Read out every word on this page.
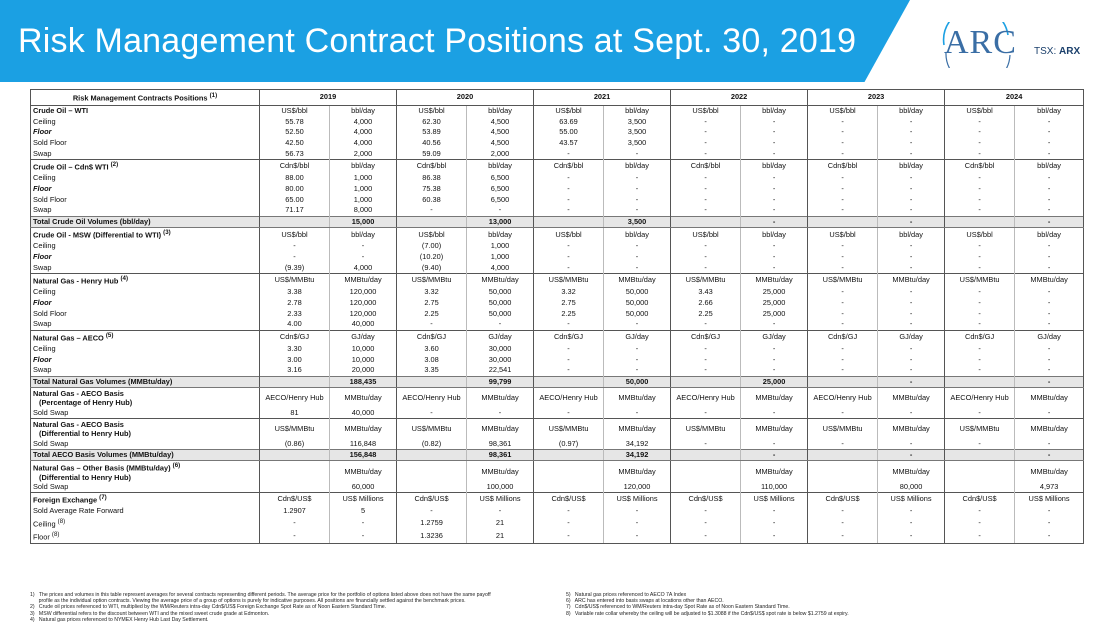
Risk Management Contract Positions at Sept. 30, 2019	ARC TSX: ARX
Risk Management Contracts Positions $^{(1)}$	2019		2020		2021		2022		2023		2024	
Crude Oil – WTI	US$/bbl	bbl/day	US$/bbl	bbl/day	US$/bbl	bbl/day	US$/bbl	bbl/day	US$/bbl	bbl/day	US$/bbl	bbl/day
Ceiling	55.78	4,000	62.30	4,500	63.69	3,500	-	-	-	-	-	-
Floor	52.50	4,000	53.89	4,500	55.00	3,500	-	-	-	-	-	-
Sold Floor	42.50	4,000	40.56	4,500	43.57	3,500	-	-	-	-	-	-
Swap	56.73	2,000	59.09	2,000	-	-	-	-	-	-	-	-
Crude Oil – Cdn$ WTI $^{(2)}$	Cdn$/bbl	bbl/day	Cdn$/bbl	bbl/day	Cdn$/bbl	bbl/day	Cdn$/bbl	bbl/day	Cdn$/bbl	bbl/day	Cdn$/bbl	bbl/day
Ceiling	88.00	1,000	86.38	6,500	-	-	-	-	-	-	-	-
Floor	80.00	1,000	75.38	6,500	-	-	-	-	-	-	-	-
Sold Floor	65.00	1,000	60.38	6,500	-	-	-	-	-	-	-	-
Swap	71.17	8,000	-	-	-	-	-	-	-	-	-	-
Total Crude Oil Volumes (bbl/day)		15,000		13,000		3,500		-		-		-
Crude Oil - MSW (Differential to WTI) $^{(3)}$	US$/bbl	bbl/day	US$/bbl	bbl/day	US$/bbl	bbl/day	US$/bbl	bbl/day	US$/bbl	bbl/day	US$/bbl	bbl/day
Ceiling	-	-	(7.00)	1,000	-	-	-	-	-	-	-	-
Floor	-	-	(10.20)	1,000	-	-	-	-	-	-	-	-
Swap	(9.39)	4,000	(9.40)	4,000	-	-	-	-	-	-	-	-
Natural Gas - Henry Hub $^{(4)}$	US$/MMBtu	MMBtu/day	US$/MMBtu	MMBtu/day	US$/MMBtu	MMBtu/day	US$/MMBtu	MMBtu/day	US$/MMBtu	MMBtu/day	US$/MMBtu	MMBtu/day
Ceiling	3.38	120,000	3.32	50,000	3.32	50,000	3.43	25,000	-	-	-	-
Floor	2.78	120,000	2.75	50,000	2.75	50,000	2.66	25,000	-	-	-	-
Sold Floor	2.33	120,000	2.25	50,000	2.25	50,000	2.25	25,000	-	-	-	-
Swap	4.00	40,000	-	-	-	-	-	-	-	-	-	-
Natural Gas – AECO $^{(5)}$	Cdn$/GJ	GJ/day	Cdn$/GJ	GJ/day	Cdn$/GJ	GJ/day	Cdn$/GJ	GJ/day	Cdn$/GJ	GJ/day	Cdn$/GJ	GJ/day
Ceiling	3.30	10,000	3.60	30,000	-	-	-	-	-	-	-	-
Floor	3.00	10,000	3.08	30,000	-	-	-	-	-	-	-	-
Swap	3.16	20,000	3.35	22,541	-	-	-	-	-	-	-	-
Total Natural Gas Volumes (MMBtu/day)		188,435		99,799		50,000		25,000		-		-
Natural Gas - AECO Basis
(Percentage of Henry Hub)	AECO/Henry Hub	MMBtu/day	AECO/Henry Hub	MMBtu/day	AECO/Henry Hub	MMBtu/day	AECO/Henry Hub	MMBtu/day	AECO/Henry Hub	MMBtu/day	AECO/Henry Hub	MMBtu/day
Sold Swap	81	40,000	-	-	-	-	-	-	-	-	-	-
Natural Gas - AECO Basis
(Differential to Henry Hub)	US$/MMBtu	MMBtu/day	US$/MMBtu	MMBtu/day	US$/MMBtu	MMBtu/day	US$/MMBtu	MMBtu/day	US$/MMBtu	MMBtu/day	US$/MMBtu	MMBtu/day
Sold Swap	(0.86)	116,848	(0.82)	98,361	(0.97)	34,192	-	-	-	-	-	-
Total AECO Basis Volumes (MMBtu/day)		156,848		98,361		34,192		-		-		-
Natural Gas – Other Basis (MMBtu/day) $^{(6)}$
(Differential to Henry Hub)		MMBtu/day		MMBtu/day		MMBtu/day		MMBtu/day		MMBtu/day		MMBtu/day
Sold Swap		60,000		100,000		120,000		110,000		80,000		4,973
Foreign Exchange $^{(7)}$	Cdn$/US$	US$ Millions	Cdn$/US$	US$ Millions	Cdn$/US$	US$ Millions	Cdn$/US$	US$ Millions	Cdn$/US$	US$ Millions	Cdn$/US$	US$ Millions
Sold Average Rate Forward	1.2907	5	-	-	-	-	-	-	-	-	-	-
Ceiling $^{(8)}$	-	-	1.2759	21	-	-	-	-	-	-	-	-
Floor $^{(8)}$	-	-	1.3236	21	-	-	-	-	-	-	-	-
1)   The prices and volumes in this table represent averages for several contracts representing different periods. The average price for the portfolio of options listed above does not have the same payoff
profile as the individual option contracts. Viewing the average price of a group of options is purely for indicative purposes. All positions are financially settled against the benchmark prices.
2)   Crude oil prices referenced to WTI, multiplied by the WM/Reuters intra-day Cdn$/US$ Foreign Exchange Spot Rate as of Noon Eastern Standard Time.
3)   MSW differential refers to the discount between WTI and the mixed sweet crude grade at Edmonton.
4)   Natural gas prices referenced to NYMEX Henry Hub Last Day Settlement.
5)   Natural gas prices referenced to AECO 7A Index
6)   ARC has entered into basis swaps at locations other than AECO.
7)   Cdn$/US$ referenced to WM/Reuters intra-day Spot Rate as of Noon Eastern Standard Time.
8)   Variable rate collar whereby the ceiling will be adjusted to $1.3088 if the Cdn$/US$ spot rate is below $1.2759 at expiry.
